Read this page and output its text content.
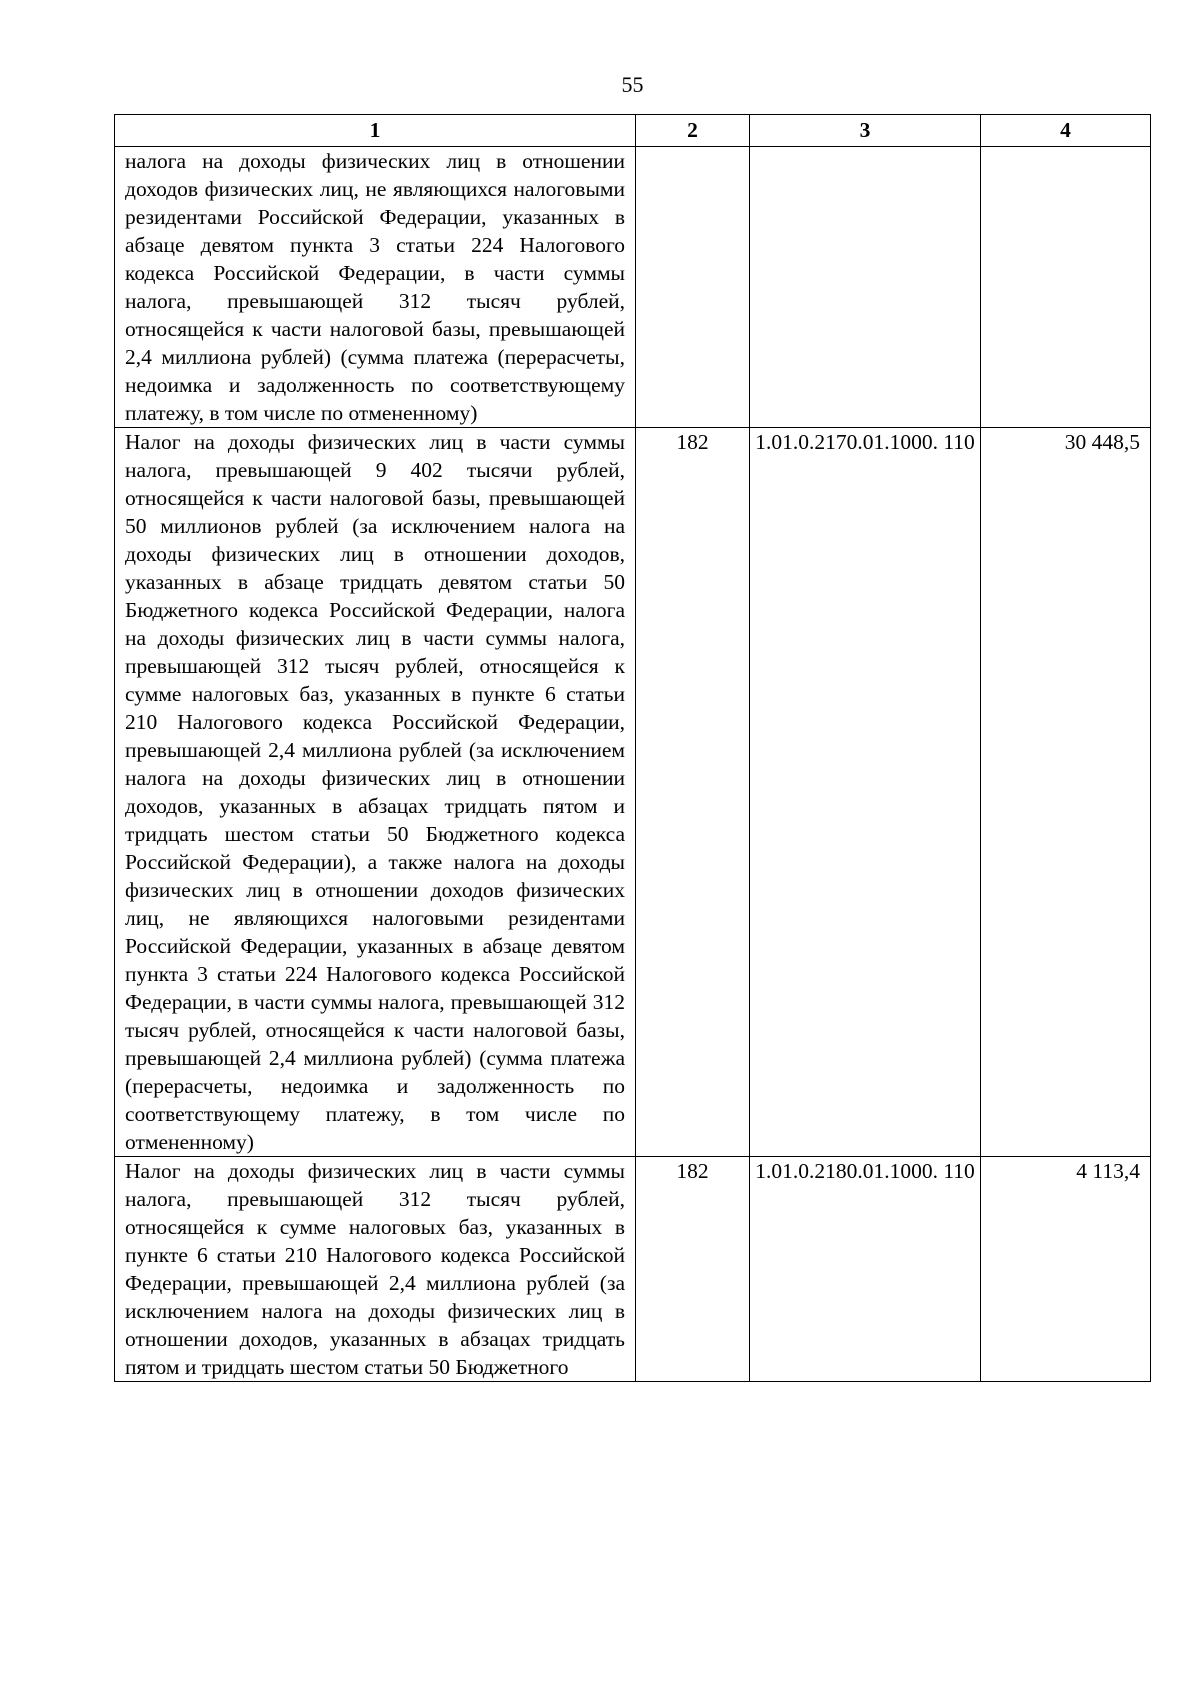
55
1	2	3	4
налога на доходы физических лиц в отношении доходов физических лиц, не являющихся налоговыми резидентами Российской Федерации, указанных в абзаце девятом пункта 3 статьи 224 Налогового кодекса Российской Федерации, в части суммы налога, превышающей 312 тысяч рублей, относящейся к части налоговой базы, превышающей 2,4 миллиона рублей) (сумма платежа (перерасчеты, недоимка и задолженность по соответствующему платежу, в том числе по отмененному)			
Налог на доходы физических лиц в части суммы налога, превышающей 9 402 тысячи рублей, относящейся к части налоговой базы, превышающей 50 миллионов рублей (за исключением налога на доходы физических лиц в отношении доходов, указанных в абзаце тридцать девятом статьи 50 Бюджетного кодекса Российской Федерации, налога на доходы физических лиц в части суммы налога, превышающей 312 тысяч рублей, относящейся к сумме налоговых баз, указанных в пункте 6 статьи 210 Налогового кодекса Российской Федерации, превышающей 2,4 миллиона рублей (за исключением налога на доходы физических лиц в отношении доходов, указанных в абзацах тридцать пятом и тридцать шестом статьи 50 Бюджетного кодекса Российской Федерации), а также налога на доходы физических лиц в отношении доходов физических лиц, не являющихся налоговыми резидентами Российской Федерации, указанных в абзаце девятом пункта 3 статьи 224 Налогового кодекса Российской Федерации, в части суммы налога, превышающей 312 тысяч рублей, относящейся к части налоговой базы, превышающей 2,4 миллиона рублей) (сумма платежа (перерасчеты, недоимка и задолженность по соответствующему платежу, в том числе по отмененному)	182	1.01.0.2170.01.1000. 110	30 448,5
Налог на доходы физических лиц в части суммы налога, превышающей 312 тысяч рублей, относящейся к сумме налоговых баз, указанных в пункте 6 статьи 210 Налогового кодекса Российской Федерации, превышающей 2,4 миллиона рублей (за исключением налога на доходы физических лиц в отношении доходов, указанных в абзацах тридцать пятом и тридцать шестом статьи 50 Бюджетного	182	1.01.0.2180.01.1000. 110	4 113,4
